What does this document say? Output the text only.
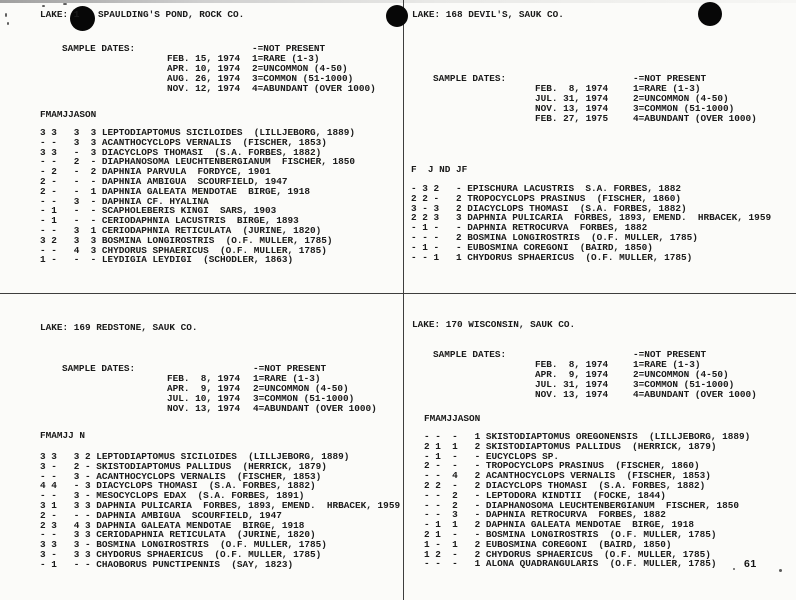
LAKE: 1 SPAULDING'S POND, ROCK CO.
SAMPLE DATES:
FEB. 15, 1974
APR. 10, 1974
AUG. 26, 1974
NOV. 12, 1974
-=NOT PRESENT
1=RARE (1-3)
2=UNCOMMON (4-50)
3=COMMON (51-1000)
4=ABUNDANT (OVER 1000)
FMAMJJASON
3 3   3  3 LEPTODIAPTOMUS SICILOIDES  (LILLJEBORG, 1889)
- -   3  3 ACANTHOCYCLOPS VERNALIS  (FISCHER, 1853)
3 3   -  3 DIACYCLOPS THOMASI  (S.A. FORBES, 1882)
- -   2  - DIAPHANOSOMA LEUCHTENBERGIANUM  FISCHER, 1850
- 2   -  2 DAPHNIA PARVULA  FORDYCE, 1901
2 -   -  - DAPHNIA AMBIGUA  SCOURFIELD, 1947
2 -   -  1 DAPHNIA GALEATA MENDOTAE  BIRGE, 1918
- -   3  - DAPHNIA CF. HYALINA
- 1   -  - SCAPHOLEBERIS KINGI  SARS, 1903
- 1   -  - CERIODAPHNIA LACUSTRIS  BIRGE, 1893
- -   3  1 CERIODAPHNIA RETICULATA  (JURINE, 1820)
3 2   3  3 BOSMINA LONGIROSTRIS  (O.F. MULLER, 1785)
- -   4  3 CHYDORUS SPHAERICUS  (O.F. MULLER, 1785)
1 -   -  - LEYDIGIA LEYDIGI  (SCHODLER, 1863)
LAKE: 168 DEVIL'S, SAUK CO.
SAMPLE DATES:
FEB.  8, 1974
JUL. 31, 1974
NOV. 13, 1974
FEB. 27, 1975
-=NOT PRESENT
1=RARE (1-3)
2=UNCOMMON (4-50)
3=COMMON (51-1000)
4=ABUNDANT (OVER 1000)
F  J ND JF
- 3 2   - EPISCHURA LACUSTRIS  S.A. FORBES, 1882
2 2 -   2 TROPOCYCLOPS PRASINUS  (FISCHER, 1860)
3 - 3   2 DIACYCLOPS THOMASI  (S.A. FORBES, 1882)
2 2 3   3 DAPHNIA PULICARIA  FORBES, 1893, EMEND.  HRBACEK, 1959
- 1 -   - DAPHNIA RETROCURVA  FORBES, 1882
- - -   2 BOSMINA LONGIROSTRIS  (O.F. MULLER, 1785)
- 1 -   - EUBOSMINA COREGONI  (BAIRD, 1850)
- - 1   1 CHYDORUS SPHAERICUS  (O.F. MULLER, 1785)
LAKE: 169 REDSTONE, SAUK CO.
SAMPLE DATES:
FEB.  8, 1974
APR.  9, 1974
JUL. 10, 1974
NOV. 13, 1974
-=NOT PRESENT
1=RARE (1-3)
2=UNCOMMON (4-50)
3=COMMON (51-1000)
4=ABUNDANT (OVER 1000)
FMAMJJ N
3 3   3 2 LEPTODIAPTOMUS SICILOIDES  (LILLJEBORG, 1889)
3 -   2 - SKISTODIAPTOMUS PALLIDUS  (HERRICK, 1879)
- -   3 - ACANTHOCYCLOPS VERNALIS  (FISCHER, 1853)
4 4   - 3 DIACYCLOPS THOMASI  (S.A. FORBES, 1882)
- -   3 - MESOCYCLOPS EDAX  (S.A. FORBES, 1891)
3 1   3 3 DAPHNIA PULICARIA  FORBES, 1893, EMEND.  HRBACEK, 1959
2 -   - - DAPHNIA AMBIGUA  SCOURFIELD, 1947
2 3   4 3 DAPHNIA GALEATA MENDOTAE  BIRGE, 1918
- -   3 3 CERIODAPHNIA RETICULATA  (JURINE, 1820)
3 3   3 - BOSMINA LONGIROSTRIS  (O.F. MULLER, 1785)
3 -   3 3 CHYDORUS SPHAERICUS  (O.F. MULLER, 1785)
- 1   - - CHAOBORUS PUNCTIPENNIS  (SAY, 1823)
LAKE: 170 WISCONSIN, SAUK CO.
SAMPLE DATES:
FEB.  8, 1974
APR.  9, 1974
JUL. 31, 1974
NOV. 13, 1974
-=NOT PRESENT
1=RARE (1-3)
2=UNCOMMON (4-50)
3=COMMON (51-1000)
4=ABUNDANT (OVER 1000)
FMAMJJASON
- -  -   1 SKISTODIAPTOMUS OREGONENSIS  (LILLJEBORG, 1889)
2 1  1   2 SKISTODIAPTOMUS PALLIDUS  (HERRICK, 1879)
- 1  -   - EUCYCLOPS SP.
2 -  -   - TROPOCYCLOPS PRASINUS  (FISCHER, 1860)
- -  4   2 ACANTHOCYCLOPS VERNALIS  (FISCHER, 1853)
2 2  -   2 DIACYCLOPS THOMASI  (S.A. FORBES, 1882)
- -  2   - LEPTODORA KINDTII  (FOCKE, 1844)
- -  2   - DIAPHANOSOMA LEUCHTENBERGIANUM  FISCHER, 1850
- -  3   - DAPHNIA RETROCURVA  FORBES, 1882
- 1  1   2 DAPHNIA GALEATA MENDOTAE  BIRGE, 1918
2 1  -   - BOSMINA LONGIROSTRIS  (O.F. MULLER, 1785)
1 -  1   2 EUBOSMINA COREGONI  (BAIRD, 1850)
1 2  -   2 CHYDORUS SPHAERICUS  (O.F. MULLER, 1785)
- -  -   1 ALONA QUADRANGULARIS  (O.F. MULLER, 1785)	61
